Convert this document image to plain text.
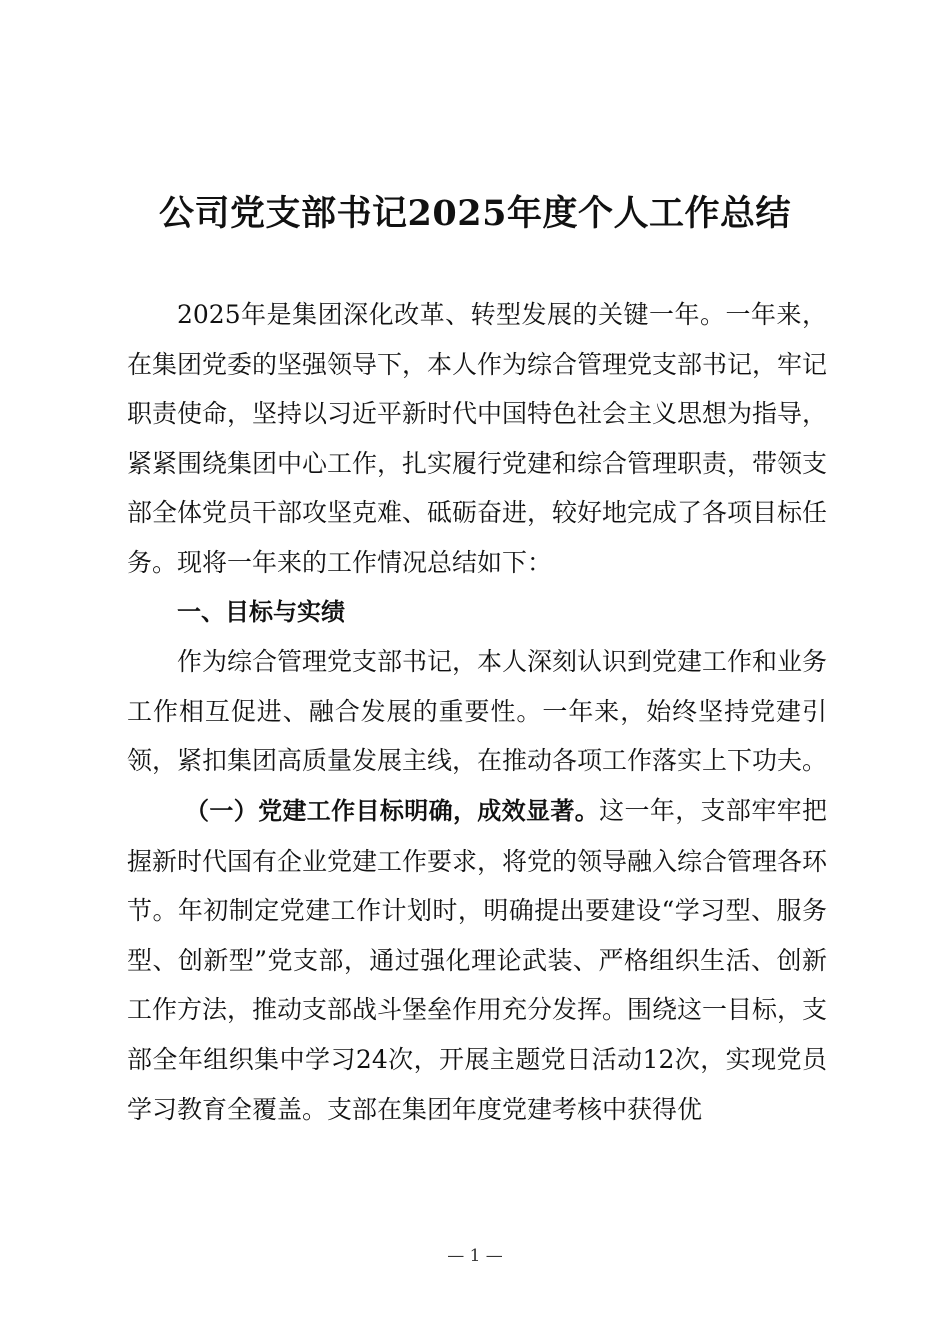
公司党支部书记2025年度个人工作总结

2025年是集团深化改革、转型发展的关键一年。一年来，在集团党委的坚强领导下，本人作为综合管理党支部书记，牢记职责使命，坚持以习近平新时代中国特色社会主义思想为指导，紧紧围绕集团中心工作，扎实履行党建和综合管理职责，带领支部全体党员干部攻坚克难、砥砺奋进，较好地完成了各项目标任务。现将一年来的工作情况总结如下：

一、目标与实绩

作为综合管理党支部书记，本人深刻认识到党建工作和业务工作相互促进、融合发展的重要性。一年来，始终坚持党建引领，紧扣集团高质量发展主线，在推动各项工作落实上下功夫。

（一）党建工作目标明确，成效显著。这一年，支部牢牢把握新时代国有企业党建工作要求，将党的领导融入综合管理各环节。年初制定党建工作计划时，明确提出要建设“学习型、服务型、创新型”党支部，通过强化理论武装、严格组织生活、创新工作方法，推动支部战斗堡垒作用充分发挥。围绕这一目标，支部全年组织集中学习24次，开展主题党日活动12次，实现党员学习教育全覆盖。支部在集团年度党建考核中获得优

— 1 —
